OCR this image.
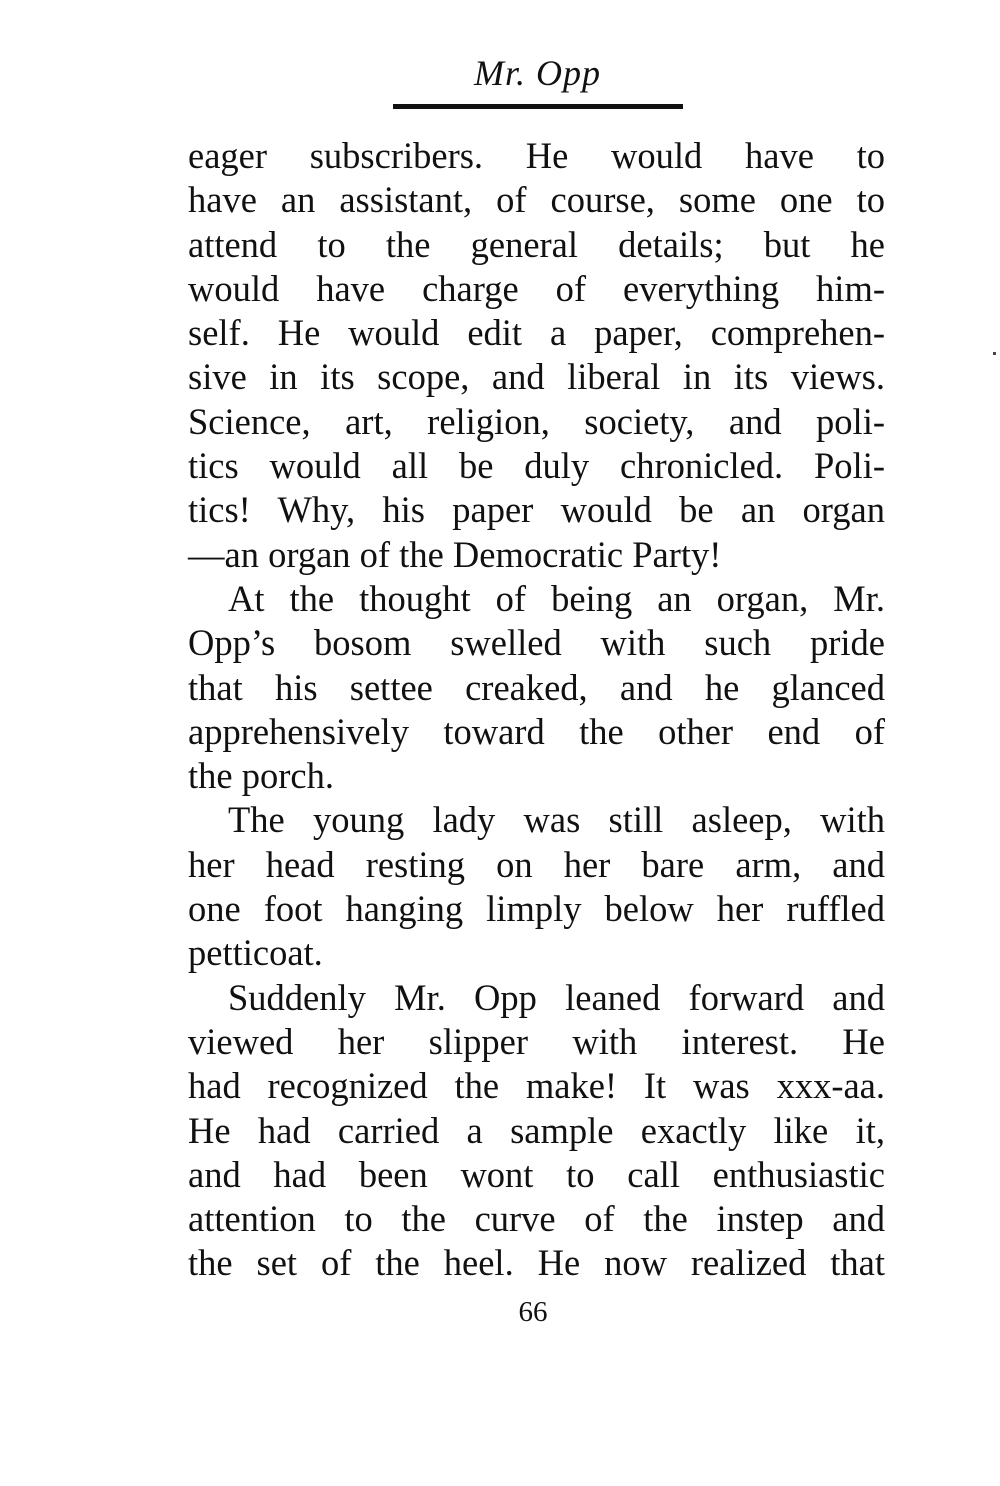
Mr. Opp
eager subscribers. He would have to
have an assistant, of course, some one to
attend to the general details; but he
would have charge of everything him-
self. He would edit a paper, comprehen-
sive in its scope, and liberal in its views.
Science, art, religion, society, and poli-
tics would all be duly chronicled. Poli-
tics! Why, his paper would be an organ
—an organ of the Democratic Party!
At the thought of being an organ, Mr.
Opp’s bosom swelled with such pride
that his settee creaked, and he glanced
apprehensively toward the other end of
the porch.
The young lady was still asleep, with
her head resting on her bare arm, and
one foot hanging limply below her ruffled
petticoat.
Suddenly Mr. Opp leaned forward and
viewed her slipper with interest. He
had recognized the make! It was xxx-aa.
He had carried a sample exactly like it,
and had been wont to call enthusiastic
attention to the curve of the instep and
the set of the heel. He now realized that
66
